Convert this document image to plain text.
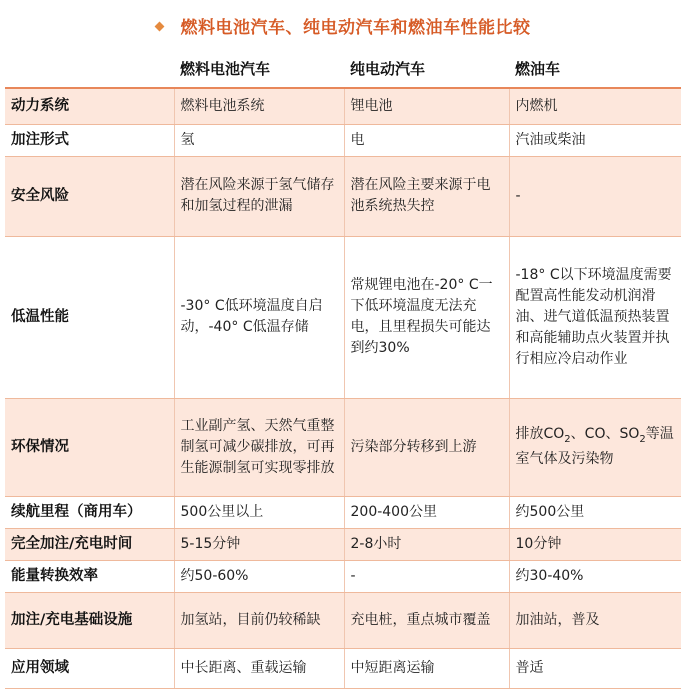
燃料电池汽车、纯电动汽车和燃油车性能比较
	燃料电池汽车	纯电动汽车	燃油车
动力系统	燃料电池系统	锂电池	内燃机
加注形式	氢	电	汽油或柴油
安全风险	潜在风险来源于氢气储存和加氢过程的泄漏	潜在风险主要来源于电池系统热失控	-
低温性能	-30° C低环境温度自启动，-40° C低温存储	常规锂电池在-20° C一下低环境温度无法充电，且里程损失可能达到约30%	-18° C以下环境温度需要配置高性能发动机润滑油、进气道低温预热装置和高能辅助点火装置并执行相应冷启动作业
环保情况	工业副产氢、天然气重整制氢可减少碳排放，可再生能源制氢可实现零排放	污染部分转移到上游	排放$CO_2$、CO、$SO_2$等温室气体及污染物
续航里程（商用车）	500公里以上	200-400公里	约500公里
完全加注/充电时间	5-15分钟	2-8小时	10分钟
能量转换效率	约50-60%	-	约30-40%
加注/充电基础设施	加氢站，目前仍较稀缺	充电桩，重点城市覆盖	加油站，普及
应用领域	中长距离、重载运输	中短距离运输	普适
